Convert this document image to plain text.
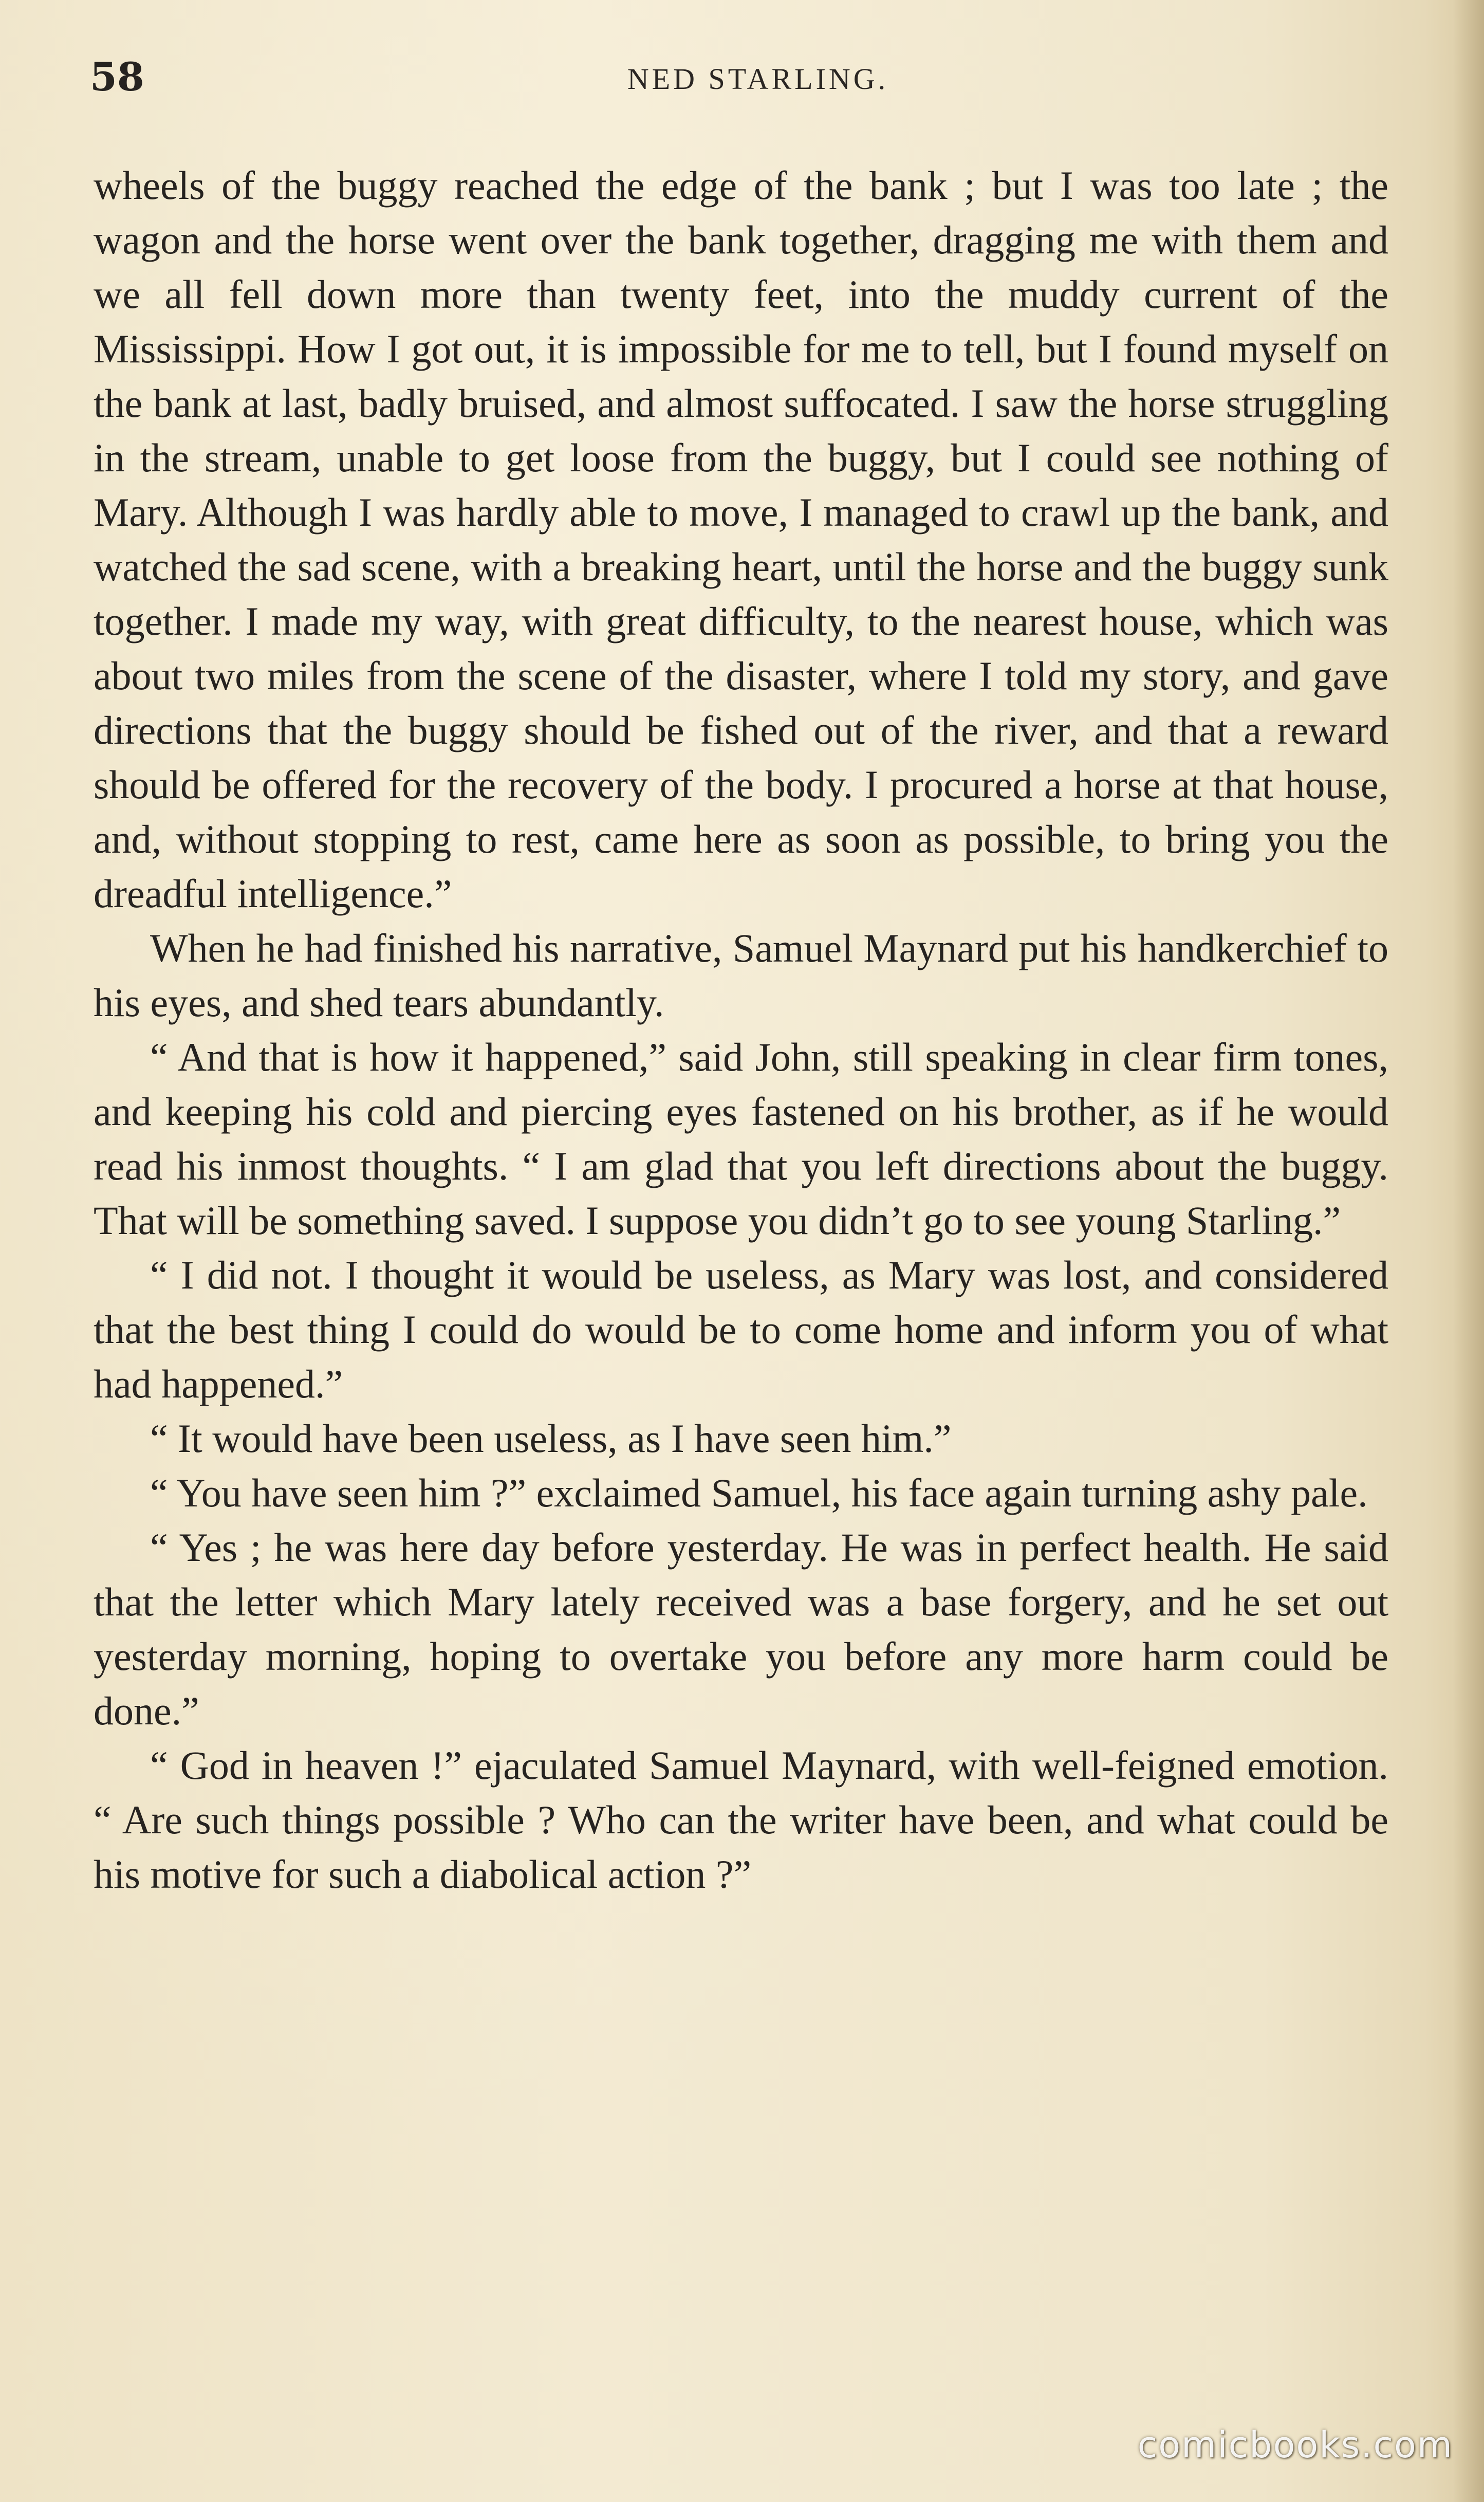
58	NED STARLING.

wheels of the buggy reached the edge of the bank ; but I was too late ; the wagon and the horse went over the bank together, dragging me with them and we all fell down more than twenty feet, into the muddy current of the Mississippi. How I got out, it is impossible for me to tell, but I found myself on the bank at last, badly bruised, and almost suffocated. I saw the horse struggling in the stream, unable to get loose from the buggy, but I could see nothing of Mary. Although I was hardly able to move, I managed to crawl up the bank, and watched the sad scene, with a breaking heart, until the horse and the buggy sunk together. I made my way, with great difficulty, to the nearest house, which was about two miles from the scene of the disaster, where I told my story, and gave directions that the buggy should be fished out of the river, and that a reward should be offered for the recovery of the body. I procured a horse at that house, and, without stopping to rest, came here as soon as possible, to bring you the dreadful intelligence.”

When he had finished his narrative, Samuel Maynard put his handkerchief to his eyes, and shed tears abundantly.

“ And that is how it happened,” said John, still speaking in clear firm tones, and keeping his cold and piercing eyes fastened on his brother, as if he would read his inmost thoughts. “ I am glad that you left directions about the buggy. That will be something saved. I suppose you didn’t go to see young Starling.”

“ I did not. I thought it would be useless, as Mary was lost, and considered that the best thing I could do would be to come home and inform you of what had happened.”

“ It would have been useless, as I have seen him.”

“ You have seen him ?” exclaimed Samuel, his face again turning ashy pale.

“ Yes ; he was here day before yesterday. He was in perfect health. He said that the letter which Mary lately received was a base forgery, and he set out yesterday morning, hoping to overtake you before any more harm could be done.”

“ God in heaven !” ejaculated Samuel Maynard, with well-feigned emotion. “ Are such things possible ? Who can the writer have been, and what could be his motive for such a diabolical action ?”

comicbooks.com
